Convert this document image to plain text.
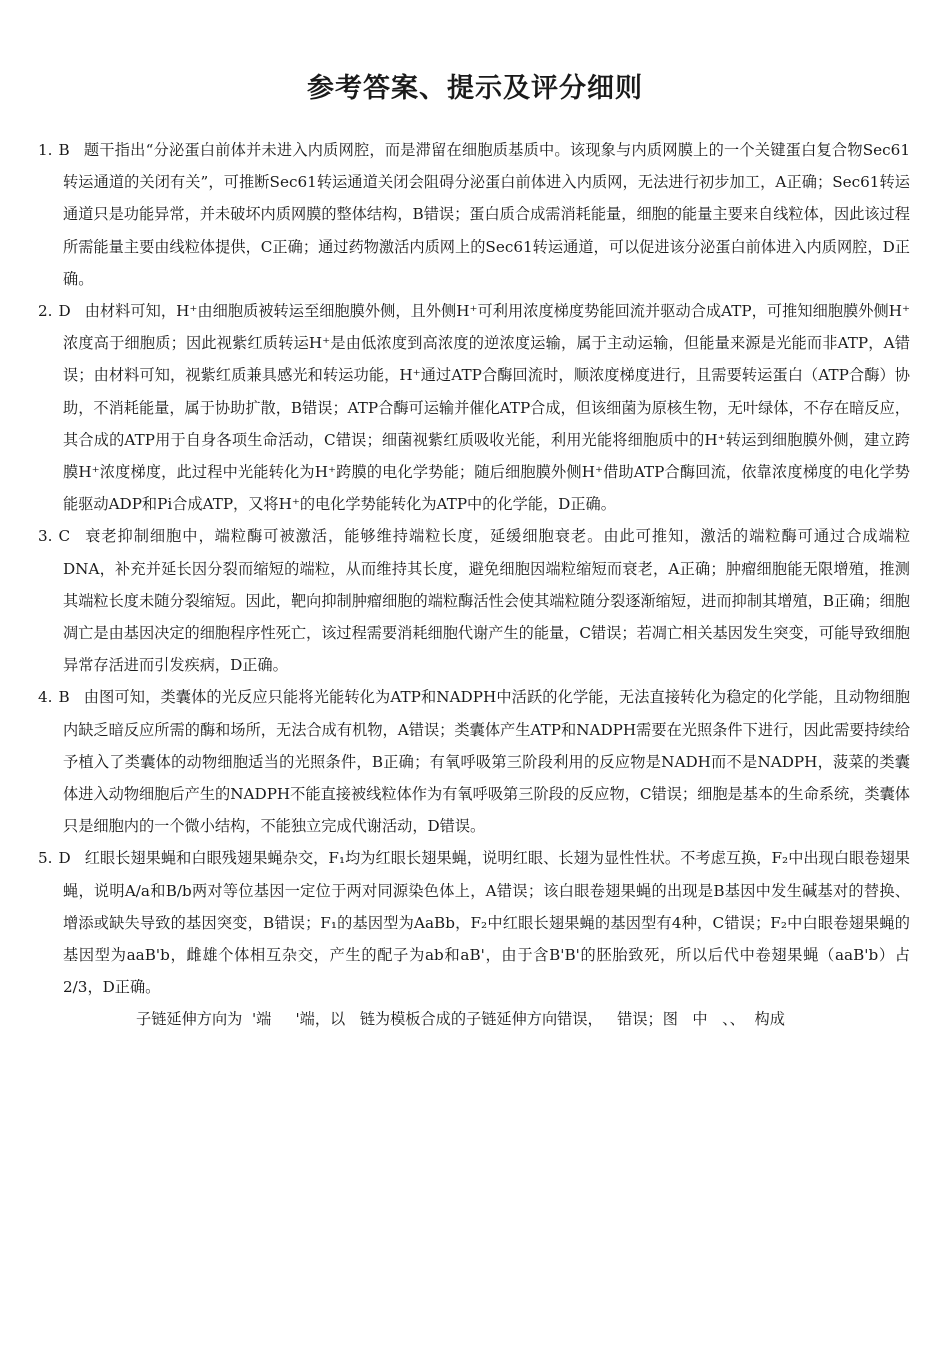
参考答案、提示及评分细则

1. B 题干指出“分泌蛋白前体并未进入内质网腔，而是滞留在细胞质基质中。该现象与内质网膜上的一个关键蛋白复合物Sec61转运通道的关闭有关”，可推断Sec61转运通道关闭会阻碍分泌蛋白前体进入内质网，无法进行初步加工，A正确；Sec61转运通道只是功能异常，并未破坏内质网膜的整体结构，B错误；蛋白质合成需消耗能量，细胞的能量主要来自线粒体，因此该过程所需能量主要由线粒体提供，C正确；通过药物激活内质网上的Sec61转运通道，可以促进该分泌蛋白前体进入内质网腔，D正确。

2. D 由材料可知，H⁺由细胞质被转运至细胞膜外侧，且外侧H⁺可利用浓度梯度势能回流并驱动合成ATP，可推知细胞膜外侧H⁺浓度高于细胞质；因此视紫红质转运H⁺是由低浓度到高浓度的逆浓度运输，属于主动运输，但能量来源是光能而非ATP，A错误；由材料可知，视紫红质兼具感光和转运功能，H⁺通过ATP合酶回流时，顺浓度梯度进行，且需要转运蛋白（ATP合酶）协助，不消耗能量，属于协助扩散，B错误；ATP合酶可运输并催化ATP合成，但该细菌为原核生物，无叶绿体，不存在暗反应，其合成的ATP用于自身各项生命活动，C错误；细菌视紫红质吸收光能，利用光能将细胞质中的H⁺转运到细胞膜外侧，建立跨膜H⁺浓度梯度，此过程中光能转化为H⁺跨膜的电化学势能；随后细胞膜外侧H⁺借助ATP合酶回流，依靠浓度梯度的电化学势能驱动ADP和Pi合成ATP，又将H⁺的电化学势能转化为ATP中的化学能，D正确。

3. C 衰老抑制细胞中，端粒酶可被激活，能够维持端粒长度，延缓细胞衰老。由此可推知，激活的端粒酶可通过合成端粒DNA，补充并延长因分裂而缩短的端粒，从而维持其长度，避免细胞因端粒缩短而衰老，A正确；肿瘤细胞能无限增殖，推测其端粒长度未随分裂缩短。因此，靶向抑制肿瘤细胞的端粒酶活性会使其端粒随分裂逐渐缩短，进而抑制其增殖，B正确；细胞凋亡是由基因决定的细胞程序性死亡，该过程需要消耗细胞代谢产生的能量，C错误；若凋亡相关基因发生突变，可能导致细胞异常存活进而引发疾病，D正确。

4. B 由图可知，类囊体的光反应只能将光能转化为ATP和NADPH中活跃的化学能，无法直接转化为稳定的化学能，且动物细胞内缺乏暗反应所需的酶和场所，无法合成有机物，A错误；类囊体产生ATP和NADPH需要在光照条件下进行，因此需要持续给予植入了类囊体的动物细胞适当的光照条件，B正确；有氧呼吸第三阶段利用的反应物是NADH而不是NADPH，菠菜的类囊体进入动物细胞后产生的NADPH不能直接被线粒体作为有氧呼吸第三阶段的反应物，C错误；细胞是基本的生命系统，类囊体只是细胞内的一个微小结构，不能独立完成代谢活动，D错误。

5. D 红眼长翅果蝇和白眼残翅果蝇杂交，F₁均为红眼长翅果蝇，说明红眼、长翅为显性性状。不考虑互换，F₂中出现白眼卷翅果蝇，说明A/a和B/b两对等位基因一定位于两对同源染色体上，A错误；该白眼卷翅果蝇的出现是B基因中发生碱基对的替换、增添或缺失导致的基因突变，B错误；F₁的基因型为AaBb，F₂中红眼长翅果蝇的基因型有4种，C错误；F₂中白眼卷翅果蝇的基因型为aaB'b，雌雄个体相互杂交，产生的配子为ab和aB'，由于含B'B'的胚胎致死，所以后代中卷翅果蝇（aaB'b）占2/3，D正确。

子链延伸方向为  '端     '端，以   链为模板合成的子链延伸方向错误，   错误；图   中   、、  构成
